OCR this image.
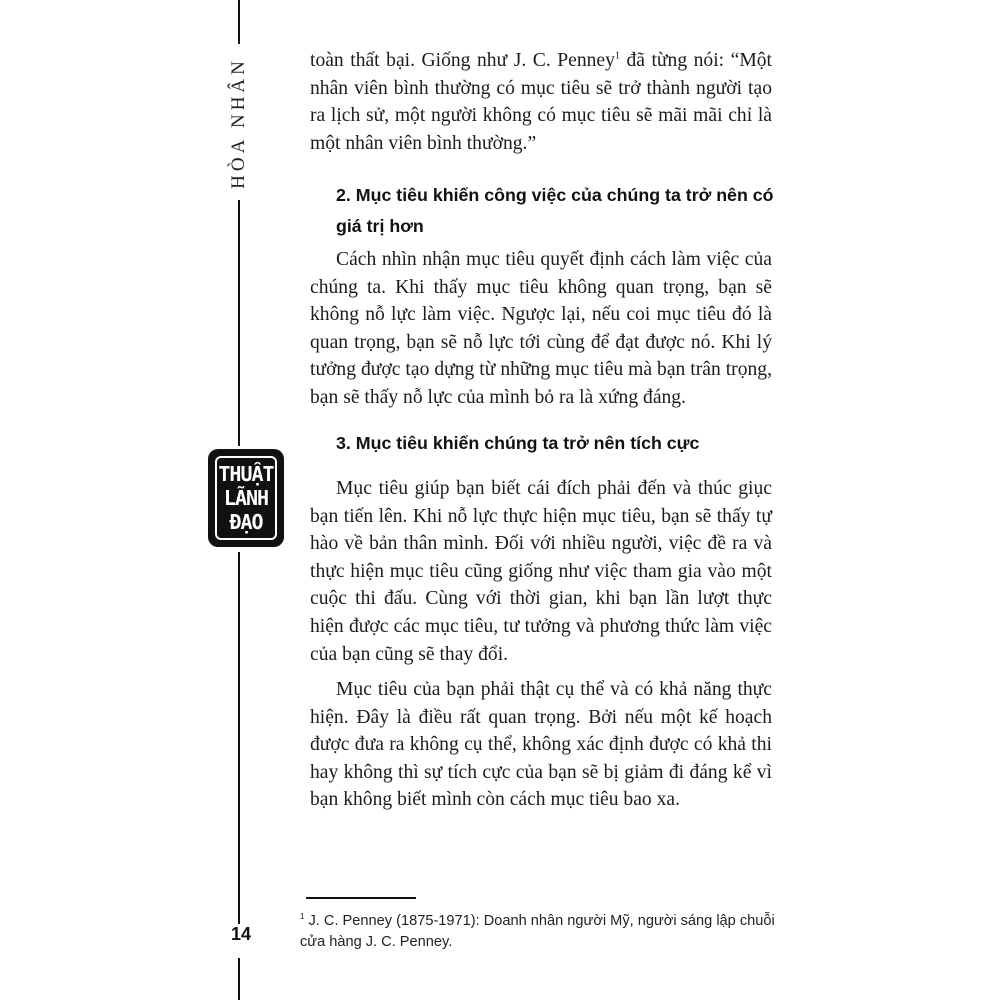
HÒA NHÂN
THUẬT
LÃNH
ĐẠO
14

toàn thất bại. Giống như J. C. Penney$^1$ đã từng nói: “Một nhân viên bình thường có mục tiêu sẽ trở thành người tạo ra lịch sử, một người không có mục tiêu sẽ mãi mãi chỉ là một nhân viên bình thường.”

2. Mục tiêu khiến công việc của chúng ta trở nên có giá trị hơn

Cách nhìn nhận mục tiêu quyết định cách làm việc của chúng ta. Khi thấy mục tiêu không quan trọng, bạn sẽ không nỗ lực làm việc. Ngược lại, nếu coi mục tiêu đó là quan trọng, bạn sẽ nỗ lực tới cùng để đạt được nó. Khi lý tưởng được tạo dựng từ những mục tiêu mà bạn trân trọng, bạn sẽ thấy nỗ lực của mình bỏ ra là xứng đáng.

3. Mục tiêu khiến chúng ta trở nên tích cực

Mục tiêu giúp bạn biết cái đích phải đến và thúc giục bạn tiến lên. Khi nỗ lực thực hiện mục tiêu, bạn sẽ thấy tự hào về bản thân mình. Đối với nhiều người, việc đề ra và thực hiện mục tiêu cũng giống như việc tham gia vào một cuộc thi đấu. Cùng với thời gian, khi bạn lần lượt thực hiện được các mục tiêu, tư tưởng và phương thức làm việc của bạn cũng sẽ thay đổi.

Mục tiêu của bạn phải thật cụ thể và có khả năng thực hiện. Đây là điều rất quan trọng. Bởi nếu một kế hoạch được đưa ra không cụ thể, không xác định được có khả thi hay không thì sự tích cực của bạn sẽ bị giảm đi đáng kể vì bạn không biết mình còn cách mục tiêu bao xa.

$^1$ J. C. Penney (1875-1971): Doanh nhân người Mỹ, người sáng lập chuỗi cửa hàng J. C. Penney.
